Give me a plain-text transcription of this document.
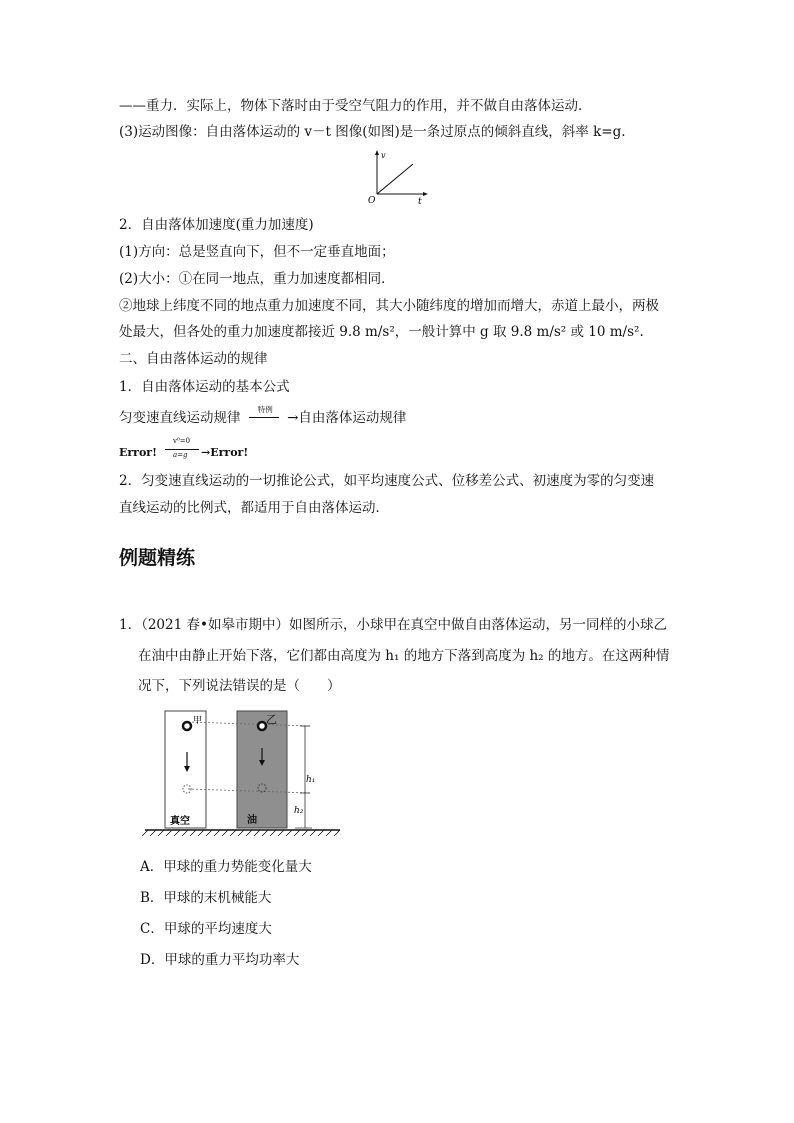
——重力．实际上，物体下落时由于受空气阻力的作用，并不做自由落体运动．
(3)运动图像：自由落体运动的 v－t 图像(如图)是一条过原点的倾斜直线，斜率 k=g.
v
O	t
2．自由落体加速度(重力加速度)
(1)方向：总是竖直向下，但不一定垂直地面；
(2)大小：①在同一地点，重力加速度都相同．
②地球上纬度不同的地点重力加速度不同，其大小随纬度的增加而增大，赤道上最小，两极
处最大，但各处的重力加速度都接近 9.8 m/s²，一般计算中 g 取 9.8 m/s² 或 10 m/s².
二、自由落体运动的规律
1．自由落体运动的基本公式
匀变速直线运动规律
特例
→自由落体运动规律
Error!
v⁰=0
a=g →Error!
2．匀变速直线运动的一切推论公式，如平均速度公式、位移差公式、初速度为零的匀变速
直线运动的比例式，都适用于自由落体运动．
例题精练
1．（2021 春•如皋市期中）如图所示，小球甲在真空中做自由落体运动，另一同样的小球乙
在油中由静止开始下落，它们都由高度为 h₁ 的地方下落到高度为 h₂ 的地方。在这两种情
况下，下列说法错误的是（　　）
甲	乙
真空	油
h₁
h₂
A．甲球的重力势能变化量大
B．甲球的末机械能大
C．甲球的平均速度大
D．甲球的重力平均功率大
